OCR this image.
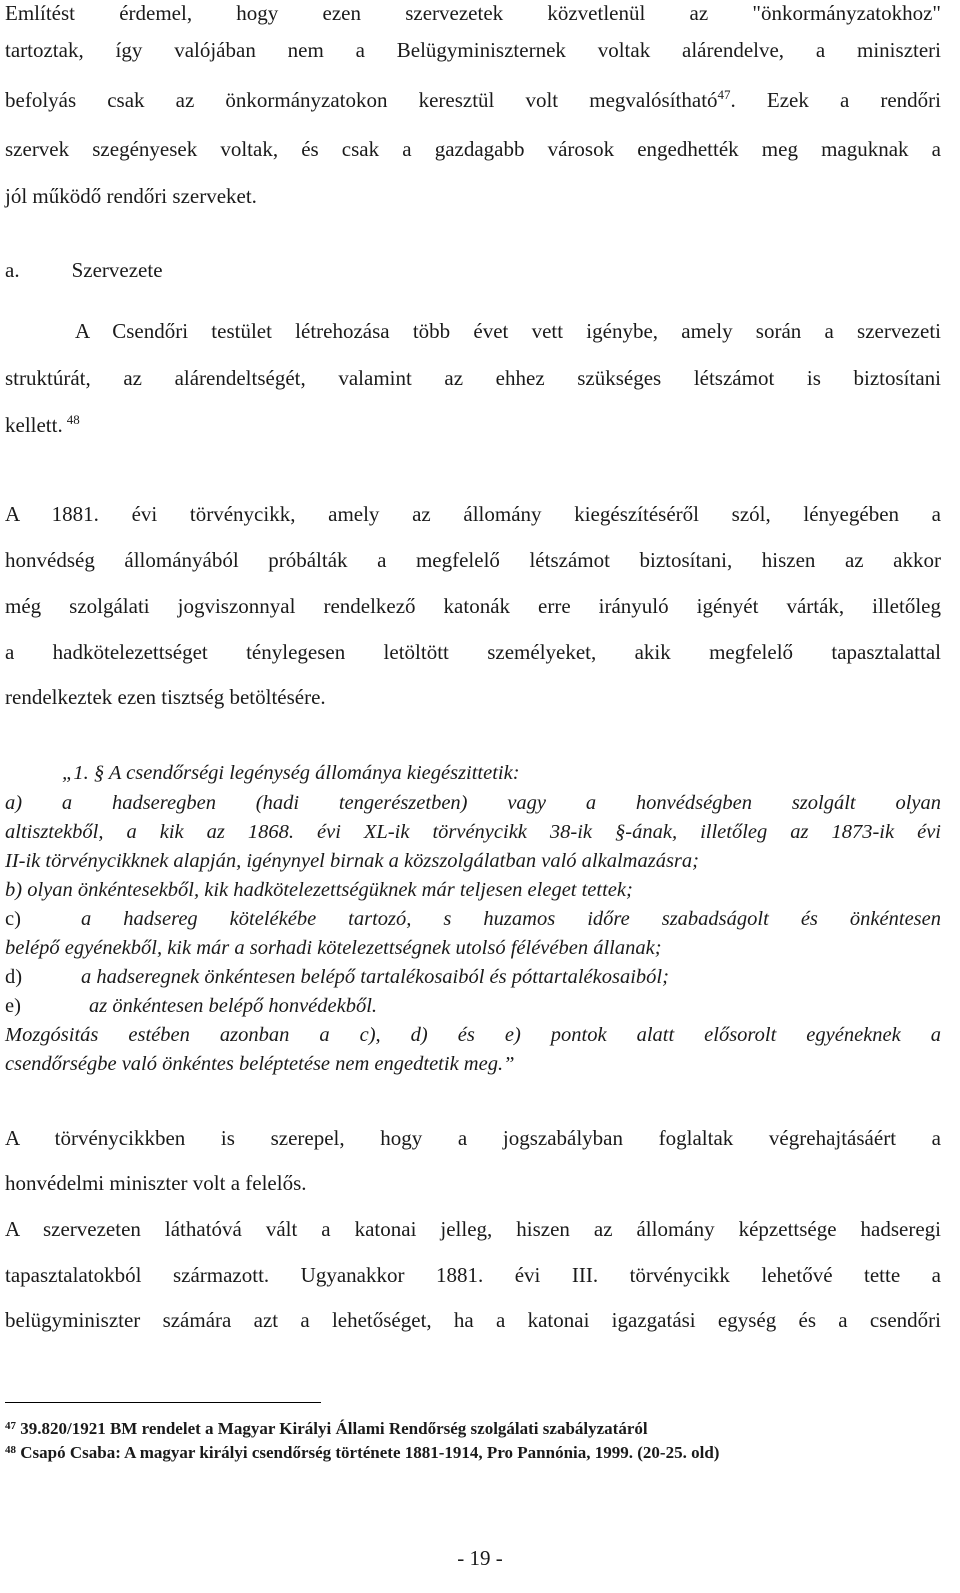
Említést érdemel, hogy ezen szervezetek közvetlenül az "önkormányzatokhoz"
tartoztak, így valójában nem a Belügyminiszternek voltak alárendelve, a miniszteri
befolyás csak az önkormányzatokon keresztül volt megvalósítható$^{47}$. Ezek a rendőri
szervek szegényesek voltak, és csak a gazdagabb városok engedhették meg maguknak a
jól működő rendőri szerveket.
a. Szervezete
A Csendőri testület létrehozása több évet vett igénybe, amely során a szervezeti
struktúrát, az alárendeltségét, valamint az ehhez szükséges létszámot is biztosítani
kellett. $^{48}$
A 1881. évi törvénycikk, amely az állomány kiegészítéséről szól, lényegében a
honvédség állományából próbálták a megfelelő létszámot biztosítani, hiszen az akkor
még szolgálati jogviszonnyal rendelkező katonák erre irányuló igényét várták, illetőleg
a hadkötelezettséget ténylegesen letöltött személyeket, akik megfelelő tapasztalattal
rendelkeztek ezen tisztség betöltésére.
„1. § A csendőrségi legénység állománya kiegészittetik:
a) a hadseregben (hadi tengerészetben) vagy a honvédségben szolgált olyan
altisztekből, a kik az 1868. évi XL-ik törvénycikk 38-ik §-ának, illetőleg az 1873-ik évi
II-ik törvénycikknek alapján, igénynyel birnak a közszolgálatban való alkalmazásra;
b) olyan önkéntesekből, kik hadkötelezettségüknek már teljesen eleget tettek;
c)	a hadsereg kötelékébe tartozó, s huzamos időre szabadságolt és önkéntesen
belépő egyénekből, kik már a sorhadi kötelezettségnek utolsó félévében állanak;
d)	a hadseregnek önkéntesen belépő tartalékosaiból és póttartalékosaiból;
e)	az önkéntesen belépő honvédekből.
Mozgósitás estében azonban a c), d) és e) pontok alatt elősorolt egyéneknek a
csendőrségbe való önkéntes beléptetése nem engedtetik meg.”
A törvénycikkben is szerepel, hogy a jogszabályban foglaltak végrehajtásáért a
honvédelmi miniszter volt a felelős.
A szervezeten láthatóvá vált a katonai jelleg, hiszen az állomány képzettsége hadseregi
tapasztalatokból származott. Ugyanakkor 1881. évi III. törvénycikk lehetővé tette a
belügyminiszter számára azt a lehetőséget, ha a katonai igazgatási egység és a csendőri
$^{47}$ 39.820/1921 BM rendelet a Magyar Királyi Állami Rendőrség szolgálati szabályzatáról
$^{48}$ Csapó Csaba: A magyar királyi csendőrség története 1881-1914, Pro Pannónia, 1999. (20-25. old)
- 19 -
